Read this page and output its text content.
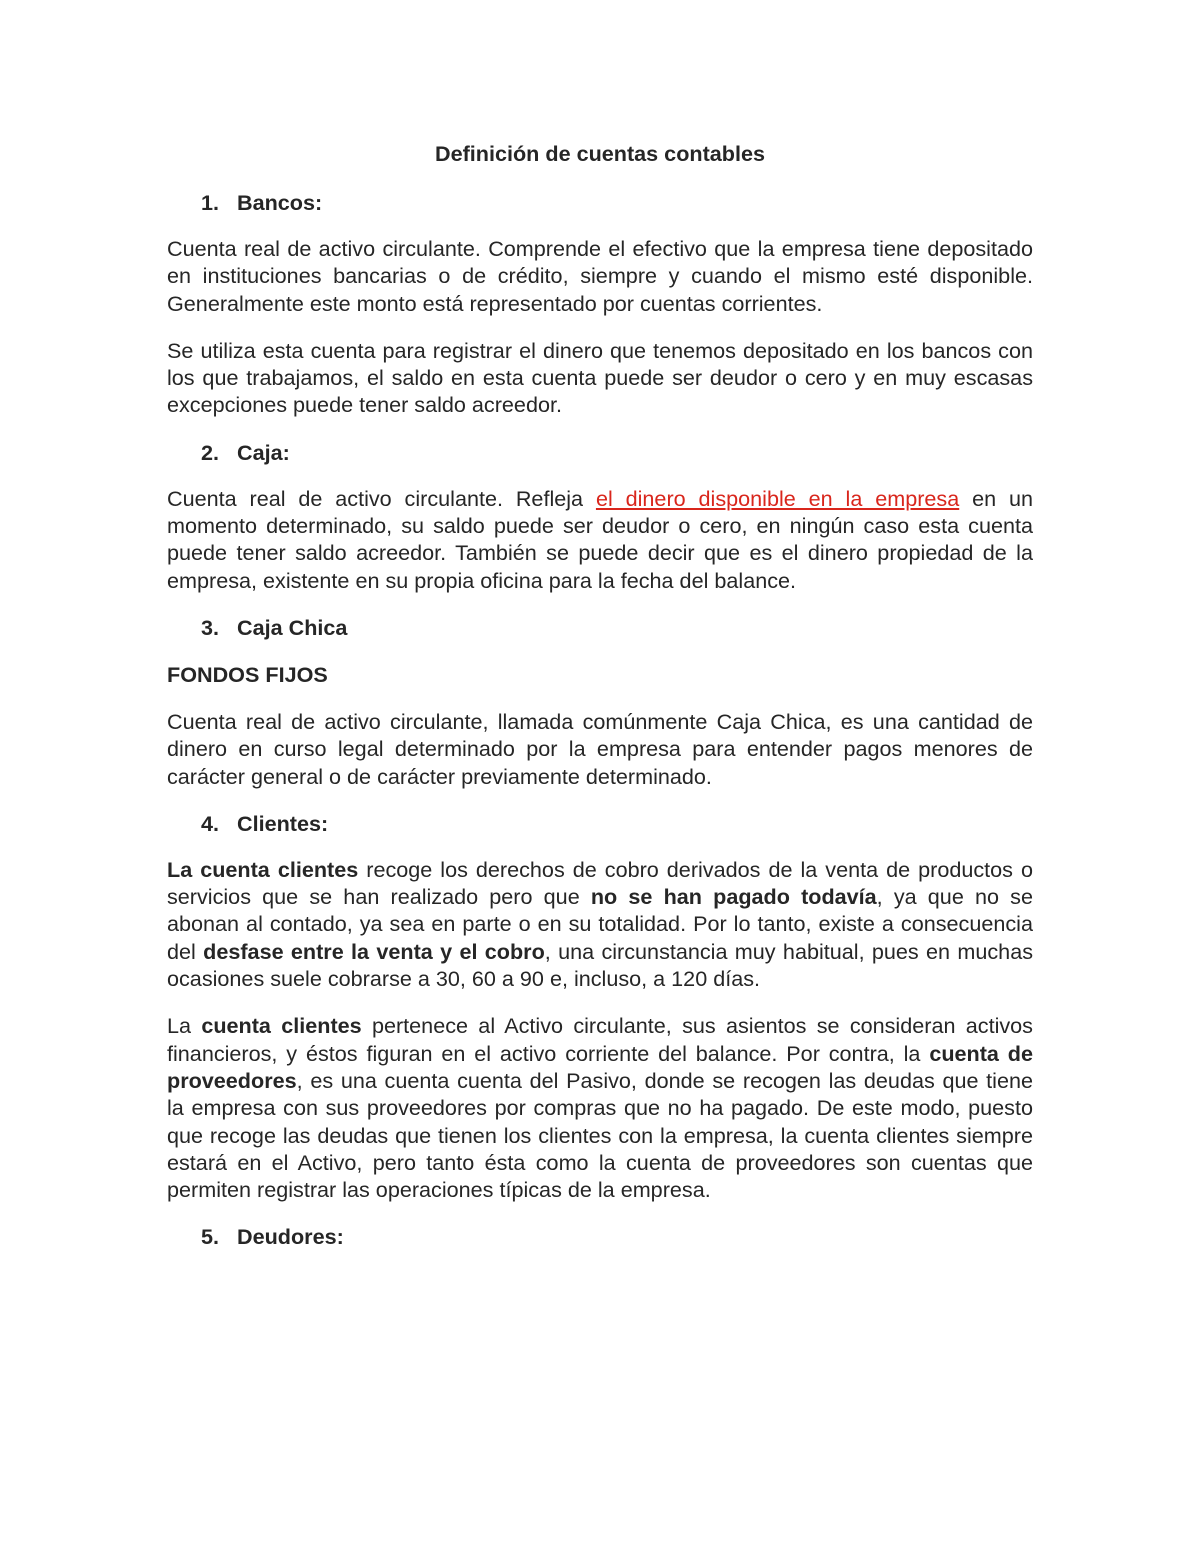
Definición de cuentas contables
1. Bancos:

Cuenta real de activo circulante. Comprende el efectivo que la empresa tiene depositado en instituciones bancarias o de crédito, siempre y cuando el mismo esté disponible. Generalmente este monto está representado por cuentas corrientes.

Se utiliza esta cuenta para registrar el dinero que tenemos depositado en los bancos con los que trabajamos, el saldo en esta cuenta puede ser deudor o cero y en muy escasas excepciones puede tener saldo acreedor.

2. Caja:

Cuenta real de activo circulante. Refleja el dinero disponible en la empresa en un momento determinado, su saldo puede ser deudor o cero, en ningún caso esta cuenta puede tener saldo acreedor. También se puede decir que es el dinero propiedad de la empresa, existente en su propia oficina para la fecha del balance.

3. Caja Chica
FONDOS FIJOS

Cuenta real de activo circulante, llamada comúnmente Caja Chica, es una cantidad de dinero en curso legal determinado por la empresa para entender pagos menores de carácter general o de carácter previamente determinado.

4. Clientes:

La cuenta clientes recoge los derechos de cobro derivados de la venta de productos o servicios que se han realizado pero que no se han pagado todavía, ya que no se abonan al contado, ya sea en parte o en su totalidad. Por lo tanto, existe a consecuencia del desfase entre la venta y el cobro, una circunstancia muy habitual, pues en muchas ocasiones suele cobrarse a 30, 60 a 90 e, incluso, a 120 días.

La cuenta clientes pertenece al Activo circulante, sus asientos se consideran activos financieros, y éstos figuran en el activo corriente del balance. Por contra, la cuenta de proveedores, es una cuenta cuenta del Pasivo, donde se recogen las deudas que tiene la empresa con sus proveedores por compras que no ha pagado. De este modo, puesto que recoge las deudas que tienen los clientes con la empresa, la cuenta clientes siempre estará en el Activo, pero tanto ésta como la cuenta de proveedores son cuentas que permiten registrar las operaciones típicas de la empresa.

5. Deudores:
